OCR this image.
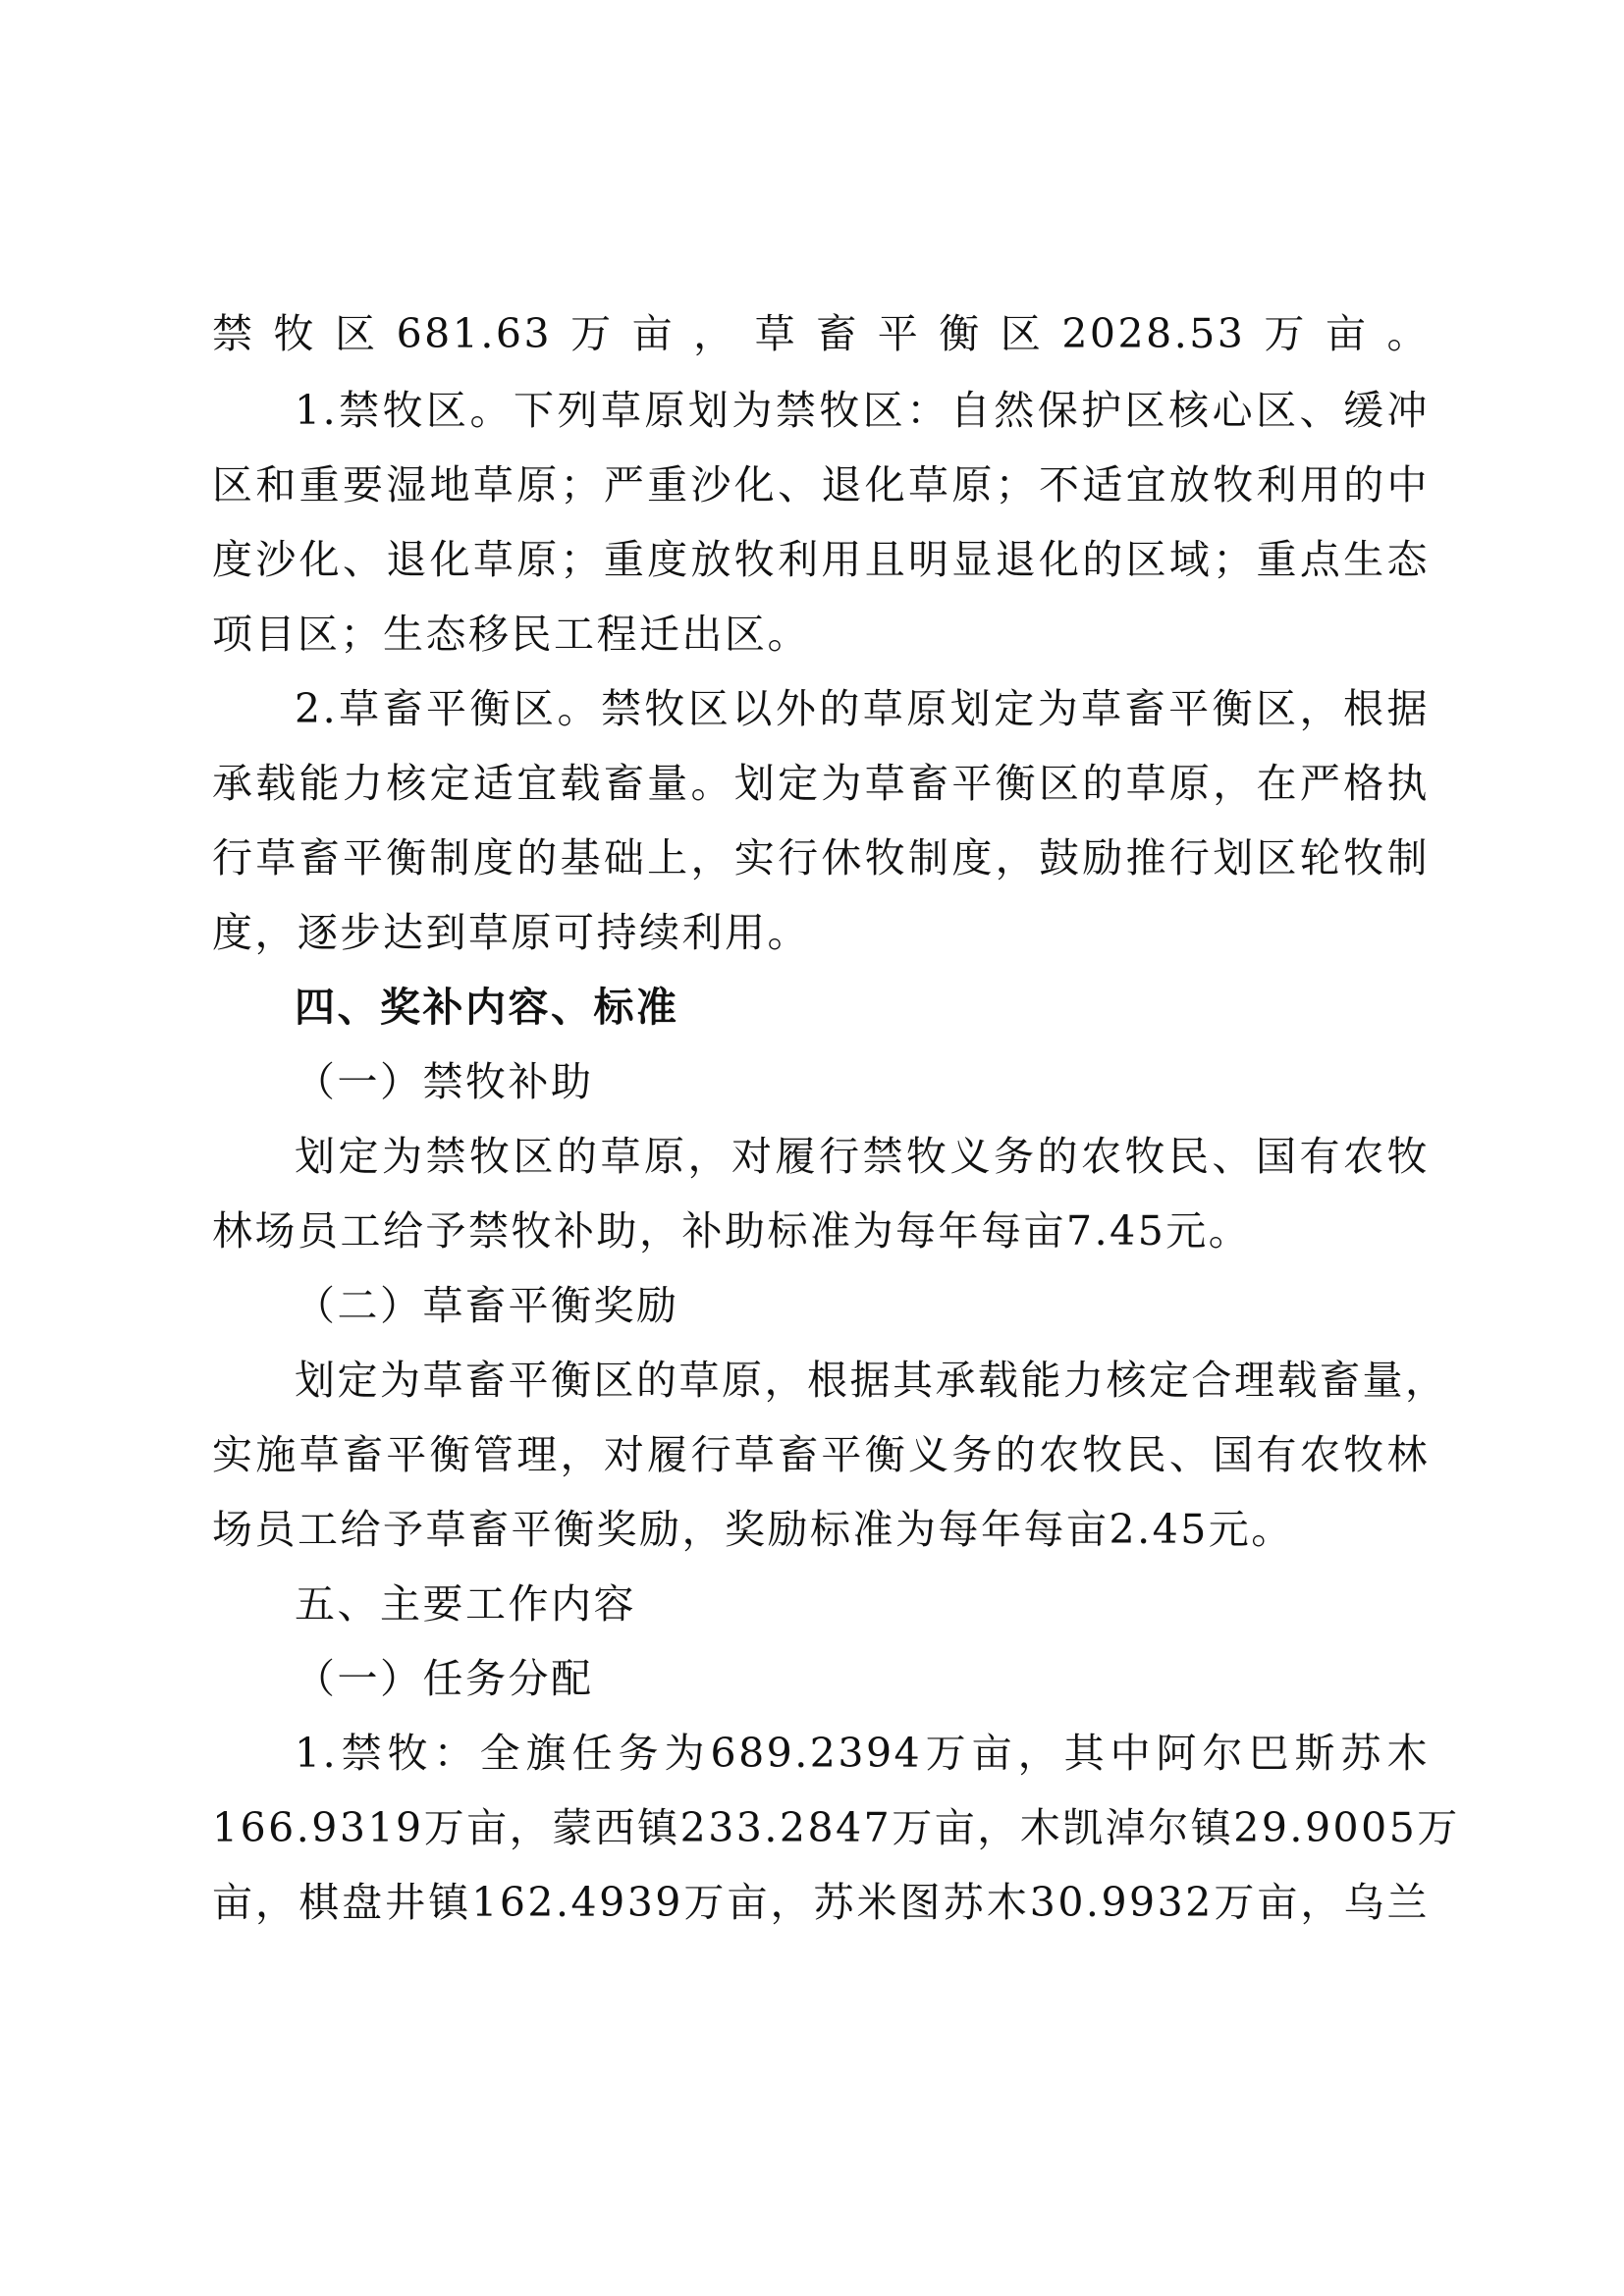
禁牧区681.63万亩，草畜平衡区2028.53万亩。
1.禁牧区。下列草原划为禁牧区：自然保护区核心区、缓冲
区和重要湿地草原；严重沙化、退化草原；不适宜放牧利用的中
度沙化、退化草原；重度放牧利用且明显退化的区域；重点生态
项目区；生态移民工程迁出区。
2.草畜平衡区。禁牧区以外的草原划定为草畜平衡区，根据
承载能力核定适宜载畜量。划定为草畜平衡区的草原，在严格执
行草畜平衡制度的基础上，实行休牧制度，鼓励推行划区轮牧制
度，逐步达到草原可持续利用。
四、奖补内容、标准
（一）禁牧补助
划定为禁牧区的草原，对履行禁牧义务的农牧民、国有农牧
林场员工给予禁牧补助，补助标准为每年每亩7.45元。
（二）草畜平衡奖励
划定为草畜平衡区的草原，根据其承载能力核定合理载畜量，
实施草畜平衡管理，对履行草畜平衡义务的农牧民、国有农牧林
场员工给予草畜平衡奖励，奖励标准为每年每亩2.45元。
五、主要工作内容
（一）任务分配
1.禁牧：全旗任务为689.2394万亩，其中阿尔巴斯苏木
166.9319万亩，蒙西镇233.2847万亩，木凯淖尔镇29.9005万
亩，棋盘井镇162.4939万亩，苏米图苏木30.9932万亩，乌兰
